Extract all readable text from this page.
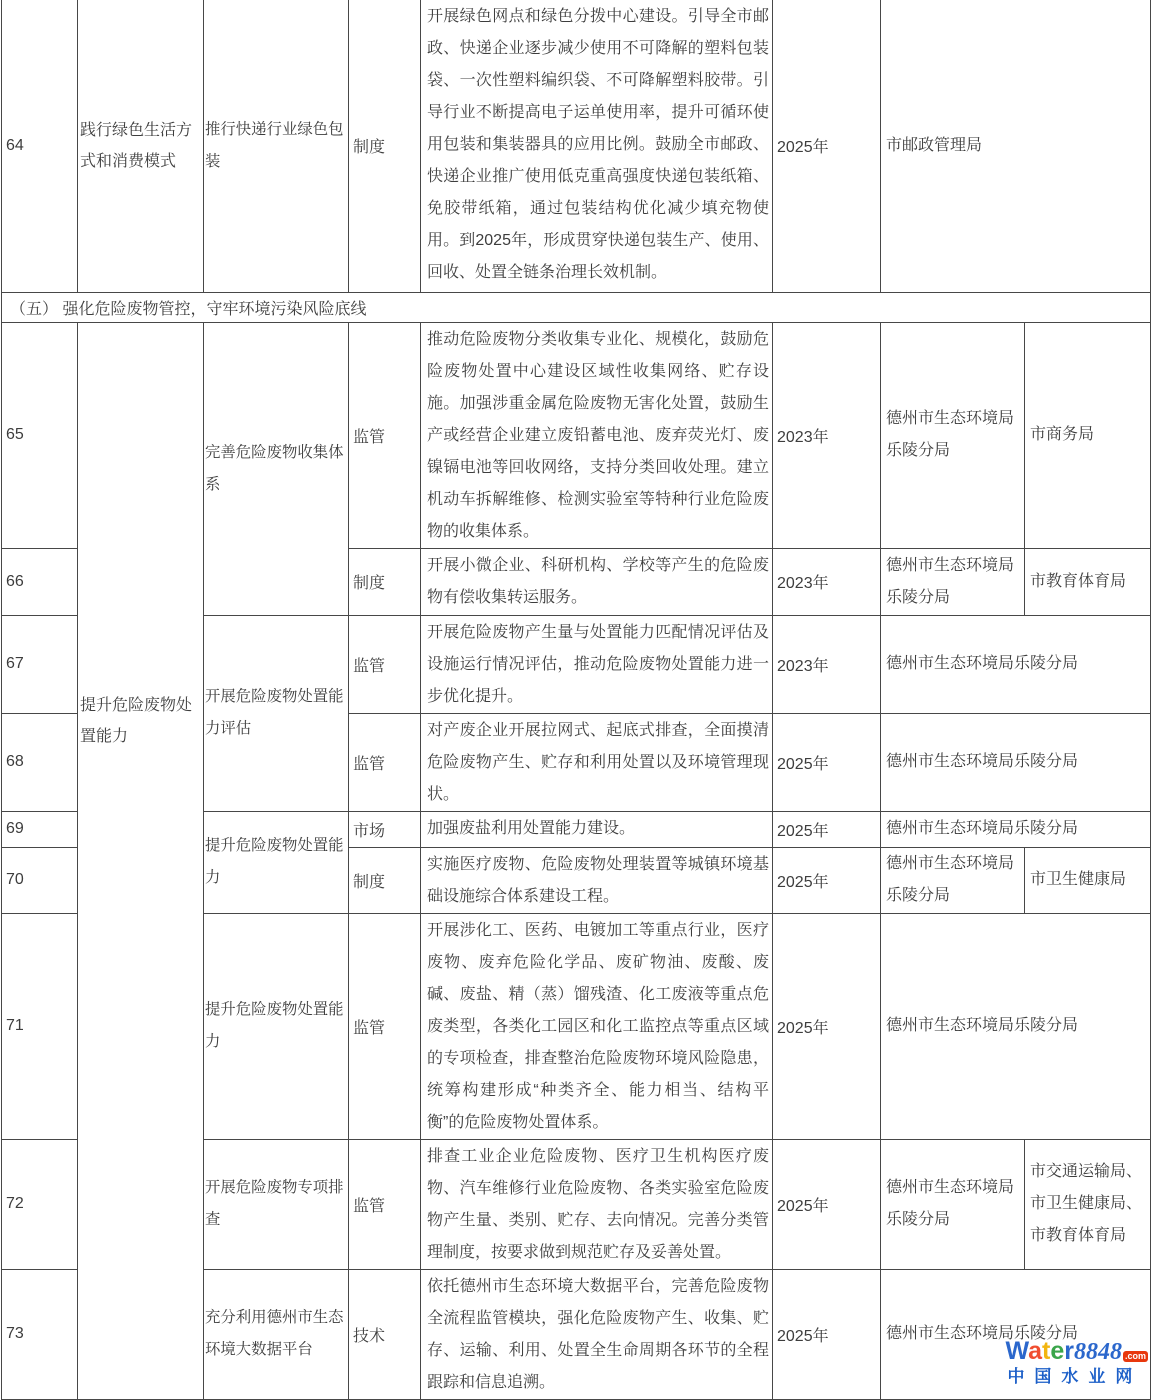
64	践行绿色生活方式和消费模式	推行快递行业绿色包装	制度	开展绿色网点和绿色分拨中心建设。引导全市邮政、快递企业逐步减少使用不可降解的塑料包装袋、一次性塑料编织袋、不可降解塑料胶带。引导行业不断提高电子运单使用率，提升可循环使用包装和集装器具的应用比例。鼓励全市邮政、快递企业推广使用低克重高强度快递包装纸箱、免胶带纸箱，通过包装结构优化减少填充物使用。到2025年，形成贯穿快递包装生产、使用、回收、处置全链条治理长效机制。	2025年	市邮政管理局	
（五） 强化危险废物管控，守牢环境污染风险底线							
65	提升危险废物处置能力	完善危险废物收集体系	监管	推动危险废物分类收集专业化、规模化，鼓励危险废物处置中心建设区域性收集网络、贮存设施。加强涉重金属危险废物无害化处置，鼓励生产或经营企业建立废铅蓄电池、废弃荧光灯、废镍镉电池等回收网络，支持分类回收处理。建立机动车拆解维修、检测实验室等特种行业危险废物的收集体系。	2023年	德州市生态环境局乐陵分局	市商务局
66			制度	开展小微企业、科研机构、学校等产生的危险废物有偿收集转运服务。	2023年	德州市生态环境局乐陵分局	市教育体育局
67		开展危险废物处置能力评估	监管	开展危险废物产生量与处置能力匹配情况评估及设施运行情况评估，推动危险废物处置能力进一步优化提升。	2023年	德州市生态环境局乐陵分局	
68			监管	对产废企业开展拉网式、起底式排查，全面摸清危险废物产生、贮存和利用处置以及环境管理现状。	2025年	德州市生态环境局乐陵分局	
69		提升危险废物处置能力	市场	加强废盐利用处置能力建设。	2025年	德州市生态环境局乐陵分局	
70			制度	实施医疗废物、危险废物处理装置等城镇环境基础设施综合体系建设工程。	2025年	德州市生态环境局乐陵分局	市卫生健康局
71		提升危险废物处置能力	监管	开展涉化工、医药、电镀加工等重点行业，医疗废物、废弃危险化学品、废矿物油、废酸、废碱、废盐、精（蒸）馏残渣、化工废液等重点危废类型，各类化工园区和化工监控点等重点区域的专项检查，排查整治危险废物环境风险隐患，统筹构建形成“种类齐全、能力相当、结构平衡”的危险废物处置体系。	2025年	德州市生态环境局乐陵分局	
72		开展危险废物专项排查	监管	排查工业企业危险废物、医疗卫生机构医疗废物、汽车维修行业危险废物、各类实验室危险废物产生量、类别、贮存、去向情况。完善分类管理制度，按要求做到规范贮存及妥善处置。	2025年	德州市生态环境局乐陵分局	市交通运输局、市卫生健康局、市教育体育局
73		充分利用德州市生态环境大数据平台	技术	依托德州市生态环境大数据平台，完善危险废物全流程监管模块，强化危险废物产生、收集、贮存、运输、利用、处置全生命周期各环节的全程跟踪和信息追溯。	2025年	德州市生态环境局乐陵分局	
Water8848 .com
中国水业网
